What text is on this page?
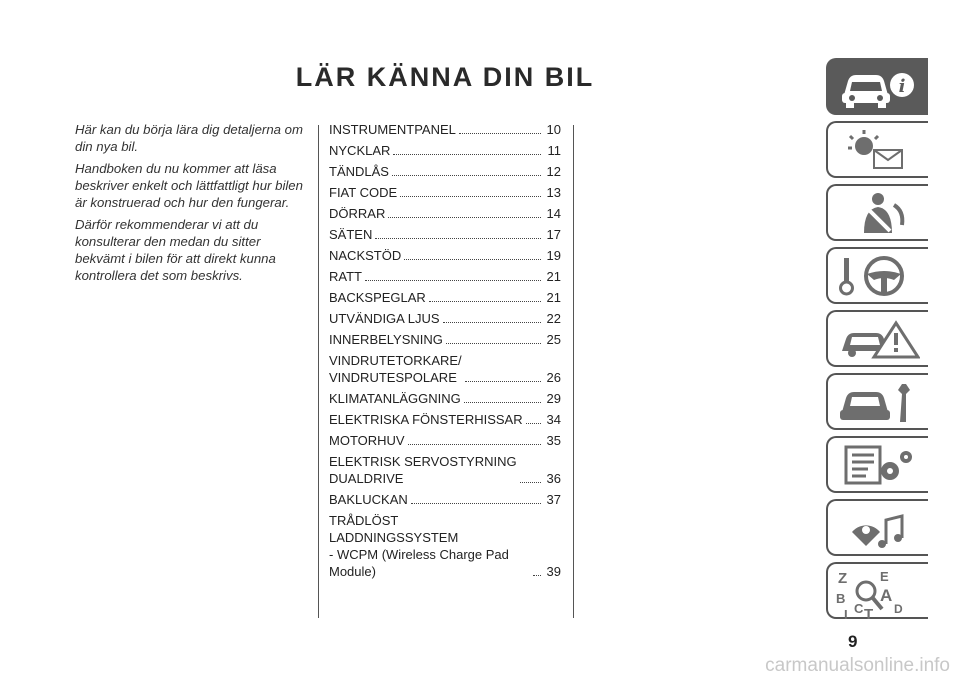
LÄR KÄNNA DIN BIL

Här kan du börja lära dig detaljerna om din nya bil.

Handboken du nu kommer att läsa beskriver enkelt och lättfattligt hur bilen är konstruerad och hur den fungerar.

Därför rekommenderar vi att du konsulterar den medan du sitter bekvämt i bilen för att direkt kunna kontrollera det som beskrivs.

INSTRUMENTPANEL	10
NYCKLAR	11
TÄNDLÅS	12
FIAT CODE	13
DÖRRAR	14
SÄTEN	17
NACKSTÖD	19
RATT	21
BACKSPEGLAR	21
UTVÄNDIGA LJUS	22
INNERBELYSNING	25
VINDRUTETORKARE/
VINDRUTESPOLARE	26
KLIMATANLÄGGNING	29
ELEKTRISKA FÖNSTERHISSAR 34
MOTORHUV	35
ELEKTRISK SERVOSTYRNING
DUALDRIVE	36
BAKLUCKAN	37
TRÅDLÖST LADDNINGSSYSTEM
- WCPM (Wireless Charge Pad
Module)	39
i
Z	E
B A
C T D
I
9
carmanualsonline.info
